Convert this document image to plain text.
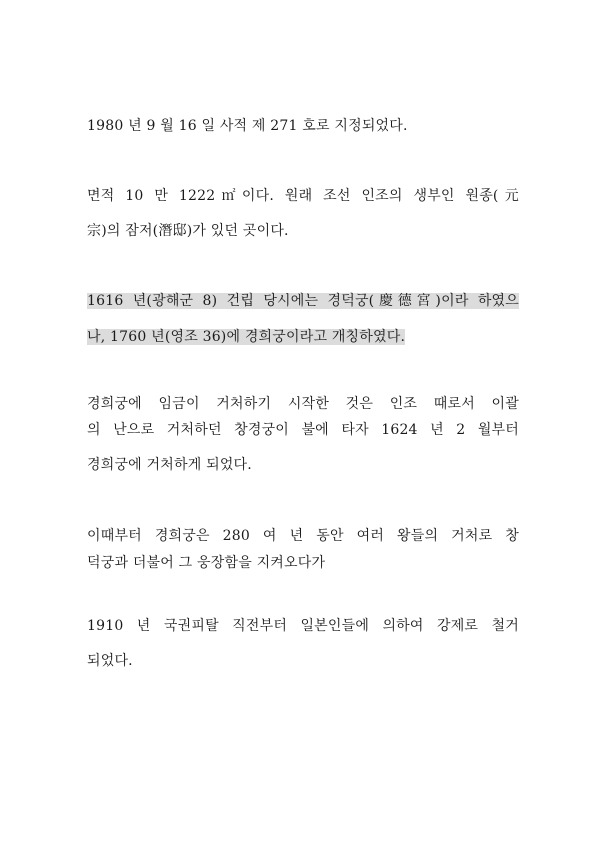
1980 년 9 월 16 일 사적 제 271 호로 지정되었다.
면적 10 만 1222㎡이다. 원래 조선 인조의 생부인 원종(元
宗)의 잠저(潛邸)가 있던 곳이다.
1616 년(광해군 8) 건립 당시에는 경덕궁(慶德宮)이라 하였으
나, 1760 년(영조 36)에 경희궁이라고 개칭하였다.
경희궁에 임금이 거처하기 시작한 것은 인조 때로서 이괄
의 난으로 거처하던 창경궁이 불에 타자 1624 년 2 월부터
경희궁에 거처하게 되었다.
이때부터 경희궁은 280 여 년 동안 여러 왕들의 거처로 창
덕궁과 더불어 그 웅장함을 지켜오다가
1910 년 국권피탈 직전부터 일본인들에 의하여 강제로 철거
되었다.
